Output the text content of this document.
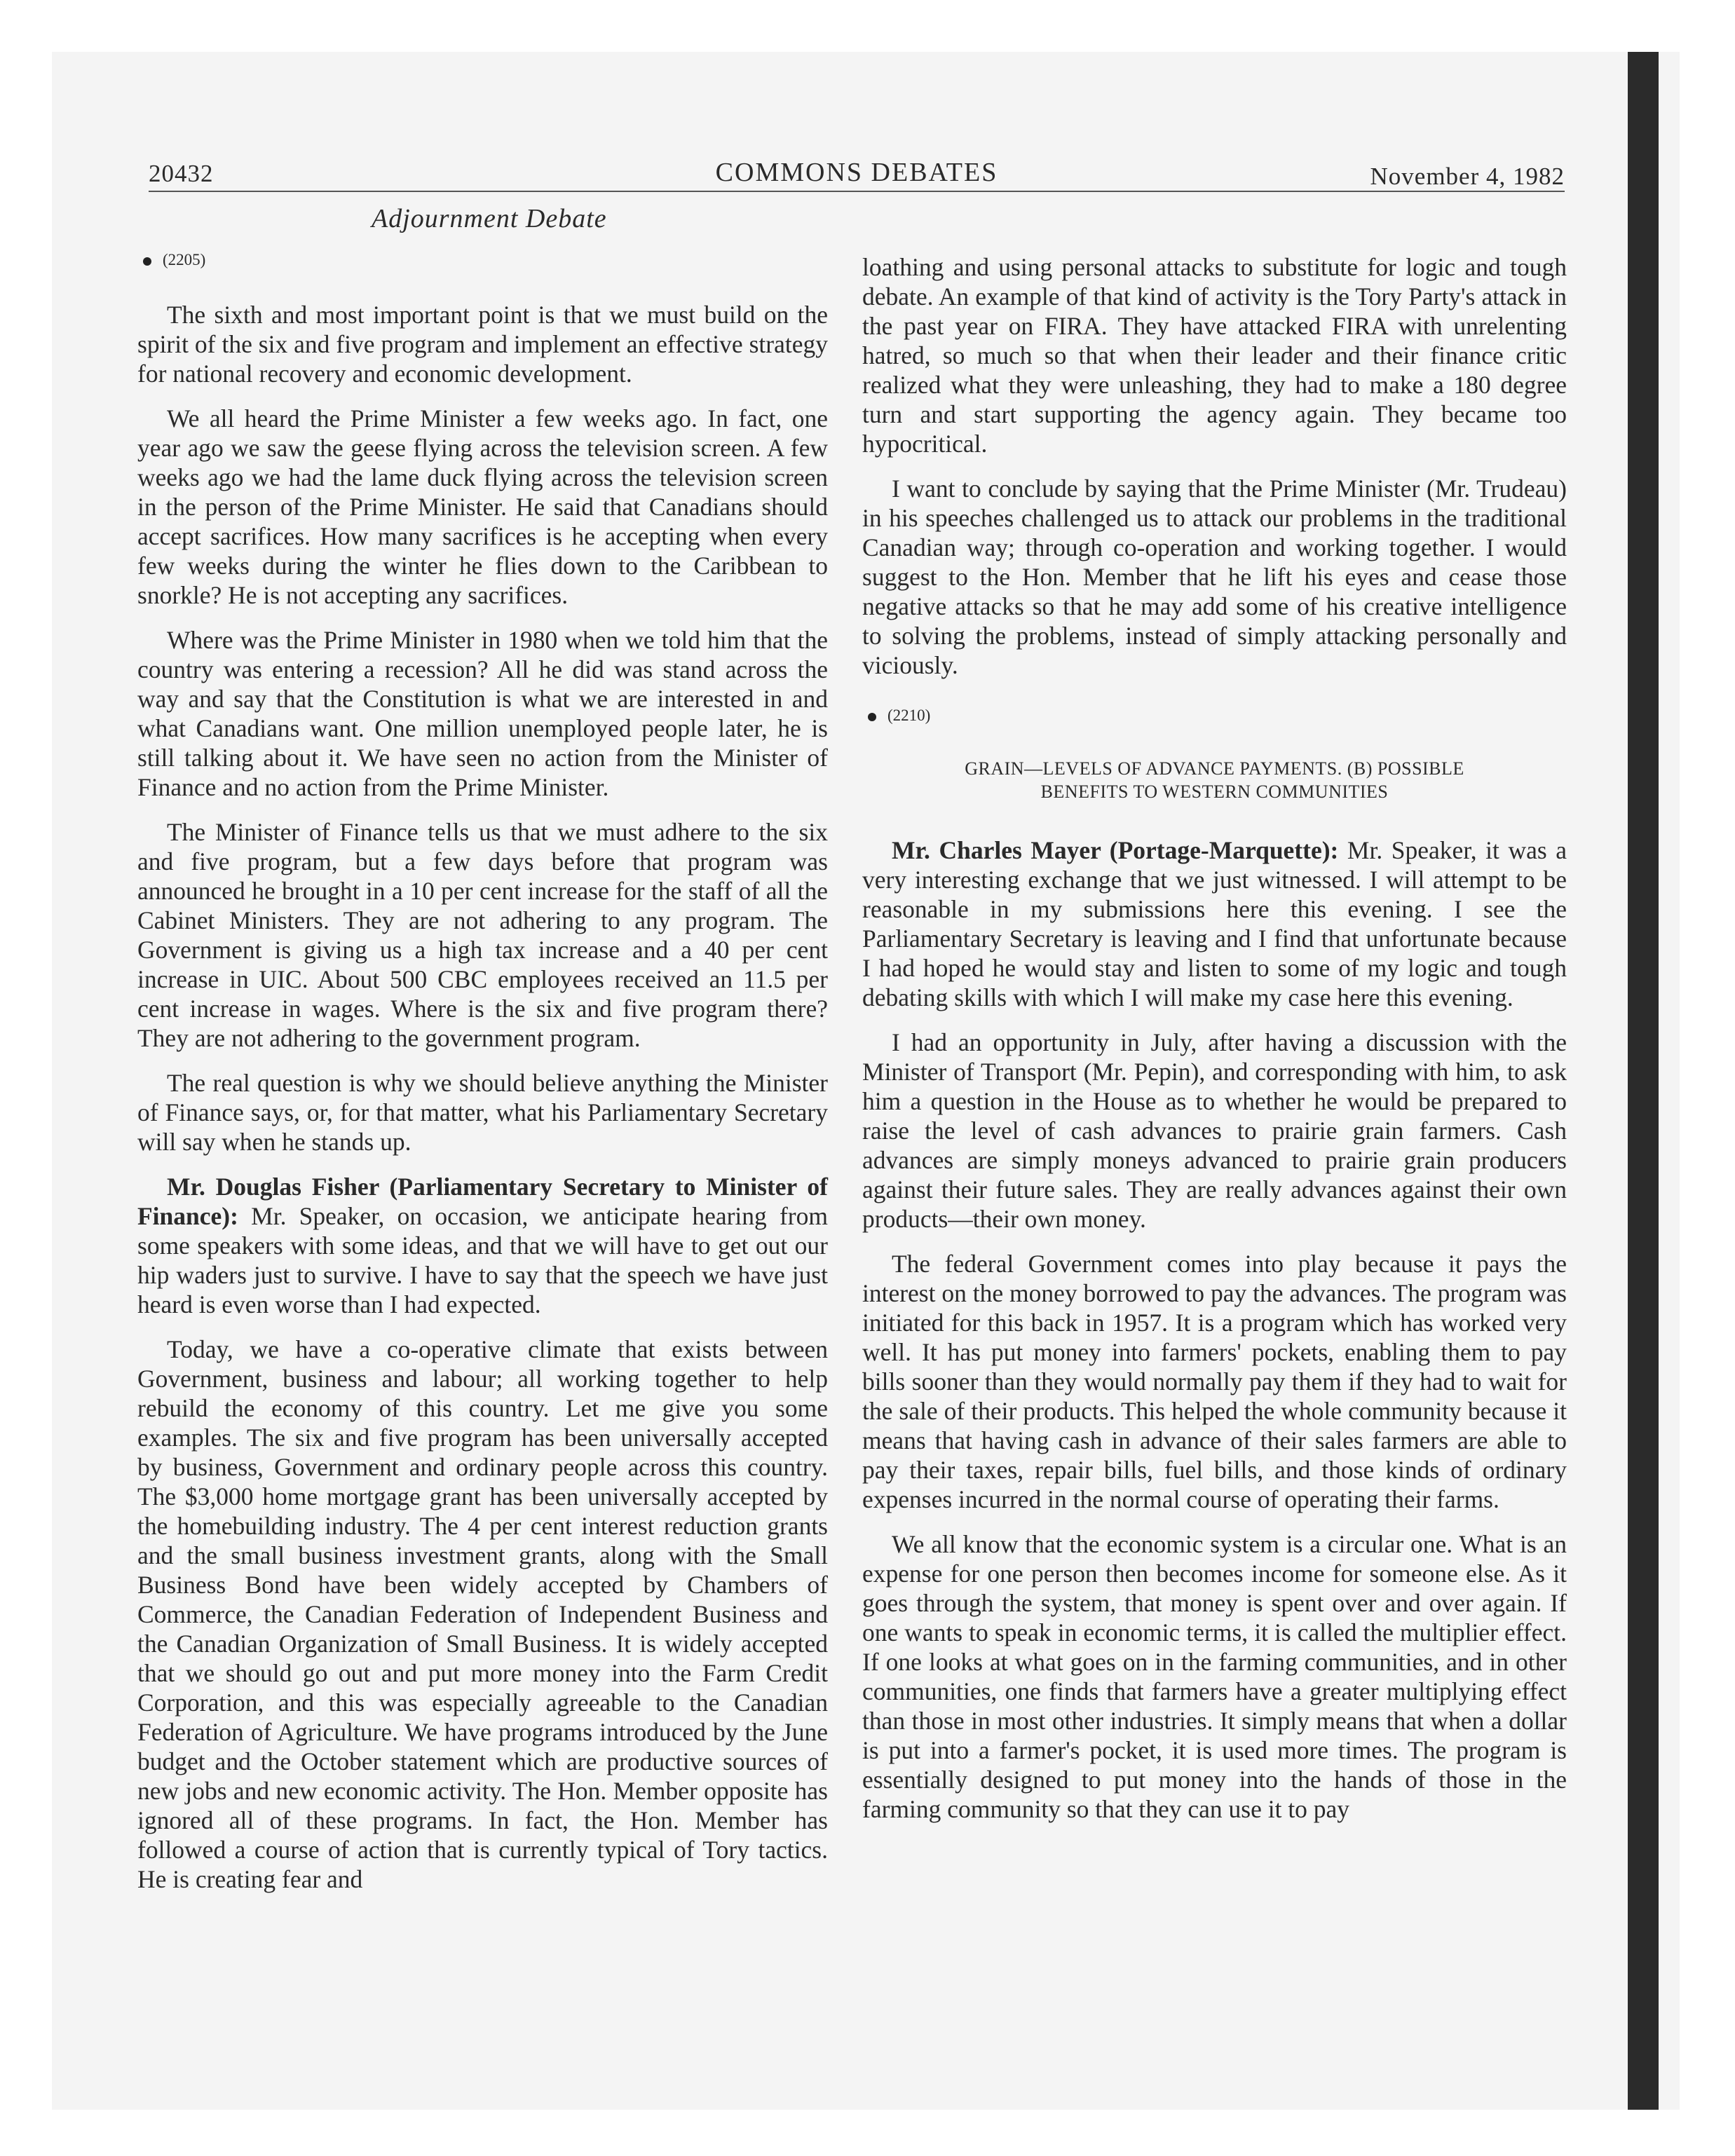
20432	COMMONS DEBATES	November 4, 1982
Adjournment Debate
(2205)

The sixth and most important point is that we must build on the spirit of the six and five program and implement an effective strategy for national recovery and economic development.

We all heard the Prime Minister a few weeks ago. In fact, one year ago we saw the geese flying across the television screen. A few weeks ago we had the lame duck flying across the television screen in the person of the Prime Minister. He said that Canadians should accept sacrifices. How many sacrifices is he accepting when every few weeks during the winter he flies down to the Caribbean to snorkle? He is not accepting any sacrifices.

Where was the Prime Minister in 1980 when we told him that the country was entering a recession? All he did was stand across the way and say that the Constitution is what we are interested in and what Canadians want. One million unemployed people later, he is still talking about it. We have seen no action from the Minister of Finance and no action from the Prime Minister.

The Minister of Finance tells us that we must adhere to the six and five program, but a few days before that program was announced he brought in a 10 per cent increase for the staff of all the Cabinet Ministers. They are not adhering to any program. The Government is giving us a high tax increase and a 40 per cent increase in UIC. About 500 CBC employees received an 11.5 per cent increase in wages. Where is the six and five program there? They are not adhering to the government program.

The real question is why we should believe anything the Minister of Finance says, or, for that matter, what his Parliamentary Secretary will say when he stands up.

Mr. Douglas Fisher (Parliamentary Secretary to Minister of Finance): Mr. Speaker, on occasion, we anticipate hearing from some speakers with some ideas, and that we will have to get out our hip waders just to survive. I have to say that the speech we have just heard is even worse than I had expected.

Today, we have a co-operative climate that exists between Government, business and labour; all working together to help rebuild the economy of this country. Let me give you some examples. The six and five program has been universally accepted by business, Government and ordinary people across this country. The $3,000 home mortgage grant has been universally accepted by the homebuilding industry. The 4 per cent interest reduction grants and the small business investment grants, along with the Small Business Bond have been widely accepted by Chambers of Commerce, the Canadian Federation of Independent Business and the Canadian Organization of Small Business. It is widely accepted that we should go out and put more money into the Farm Credit Corporation, and this was especially agreeable to the Canadian Federation of Agriculture. We have programs introduced by the June budget and the October statement which are productive sources of new jobs and new economic activity. The Hon. Member opposite has ignored all of these programs. In fact, the Hon. Member has followed a course of action that is currently typical of Tory tactics. He is creating fear and

loathing and using personal attacks to substitute for logic and tough debate. An example of that kind of activity is the Tory Party's attack in the past year on FIRA. They have attacked FIRA with unrelenting hatred, so much so that when their leader and their finance critic realized what they were unleashing, they had to make a 180 degree turn and start supporting the agency again. They became too hypocritical.

I want to conclude by saying that the Prime Minister (Mr. Trudeau) in his speeches challenged us to attack our problems in the traditional Canadian way; through co-operation and working together. I would suggest to the Hon. Member that he lift his eyes and cease those negative attacks so that he may add some of his creative intelligence to solving the problems, instead of simply attacking personally and viciously.

(2210)
GRAIN—LEVELS OF ADVANCE PAYMENTS. (B) POSSIBLE
BENEFITS TO WESTERN COMMUNITIES

Mr. Charles Mayer (Portage-Marquette): Mr. Speaker, it was a very interesting exchange that we just witnessed. I will attempt to be reasonable in my submissions here this evening. I see the Parliamentary Secretary is leaving and I find that unfortunate because I had hoped he would stay and listen to some of my logic and tough debating skills with which I will make my case here this evening.

I had an opportunity in July, after having a discussion with the Minister of Transport (Mr. Pepin), and corresponding with him, to ask him a question in the House as to whether he would be prepared to raise the level of cash advances to prairie grain farmers. Cash advances are simply moneys advanced to prairie grain producers against their future sales. They are really advances against their own products—their own money.

The federal Government comes into play because it pays the interest on the money borrowed to pay the advances. The program was initiated for this back in 1957. It is a program which has worked very well. It has put money into farmers' pockets, enabling them to pay bills sooner than they would normally pay them if they had to wait for the sale of their products. This helped the whole community because it means that having cash in advance of their sales farmers are able to pay their taxes, repair bills, fuel bills, and those kinds of ordinary expenses incurred in the normal course of operating their farms.

We all know that the economic system is a circular one. What is an expense for one person then becomes income for someone else. As it goes through the system, that money is spent over and over again. If one wants to speak in economic terms, it is called the multiplier effect. If one looks at what goes on in the farming communities, and in other communities, one finds that farmers have a greater multiplying effect than those in most other industries. It simply means that when a dollar is put into a farmer's pocket, it is used more times. The program is essentially designed to put money into the hands of those in the farming community so that they can use it to pay
